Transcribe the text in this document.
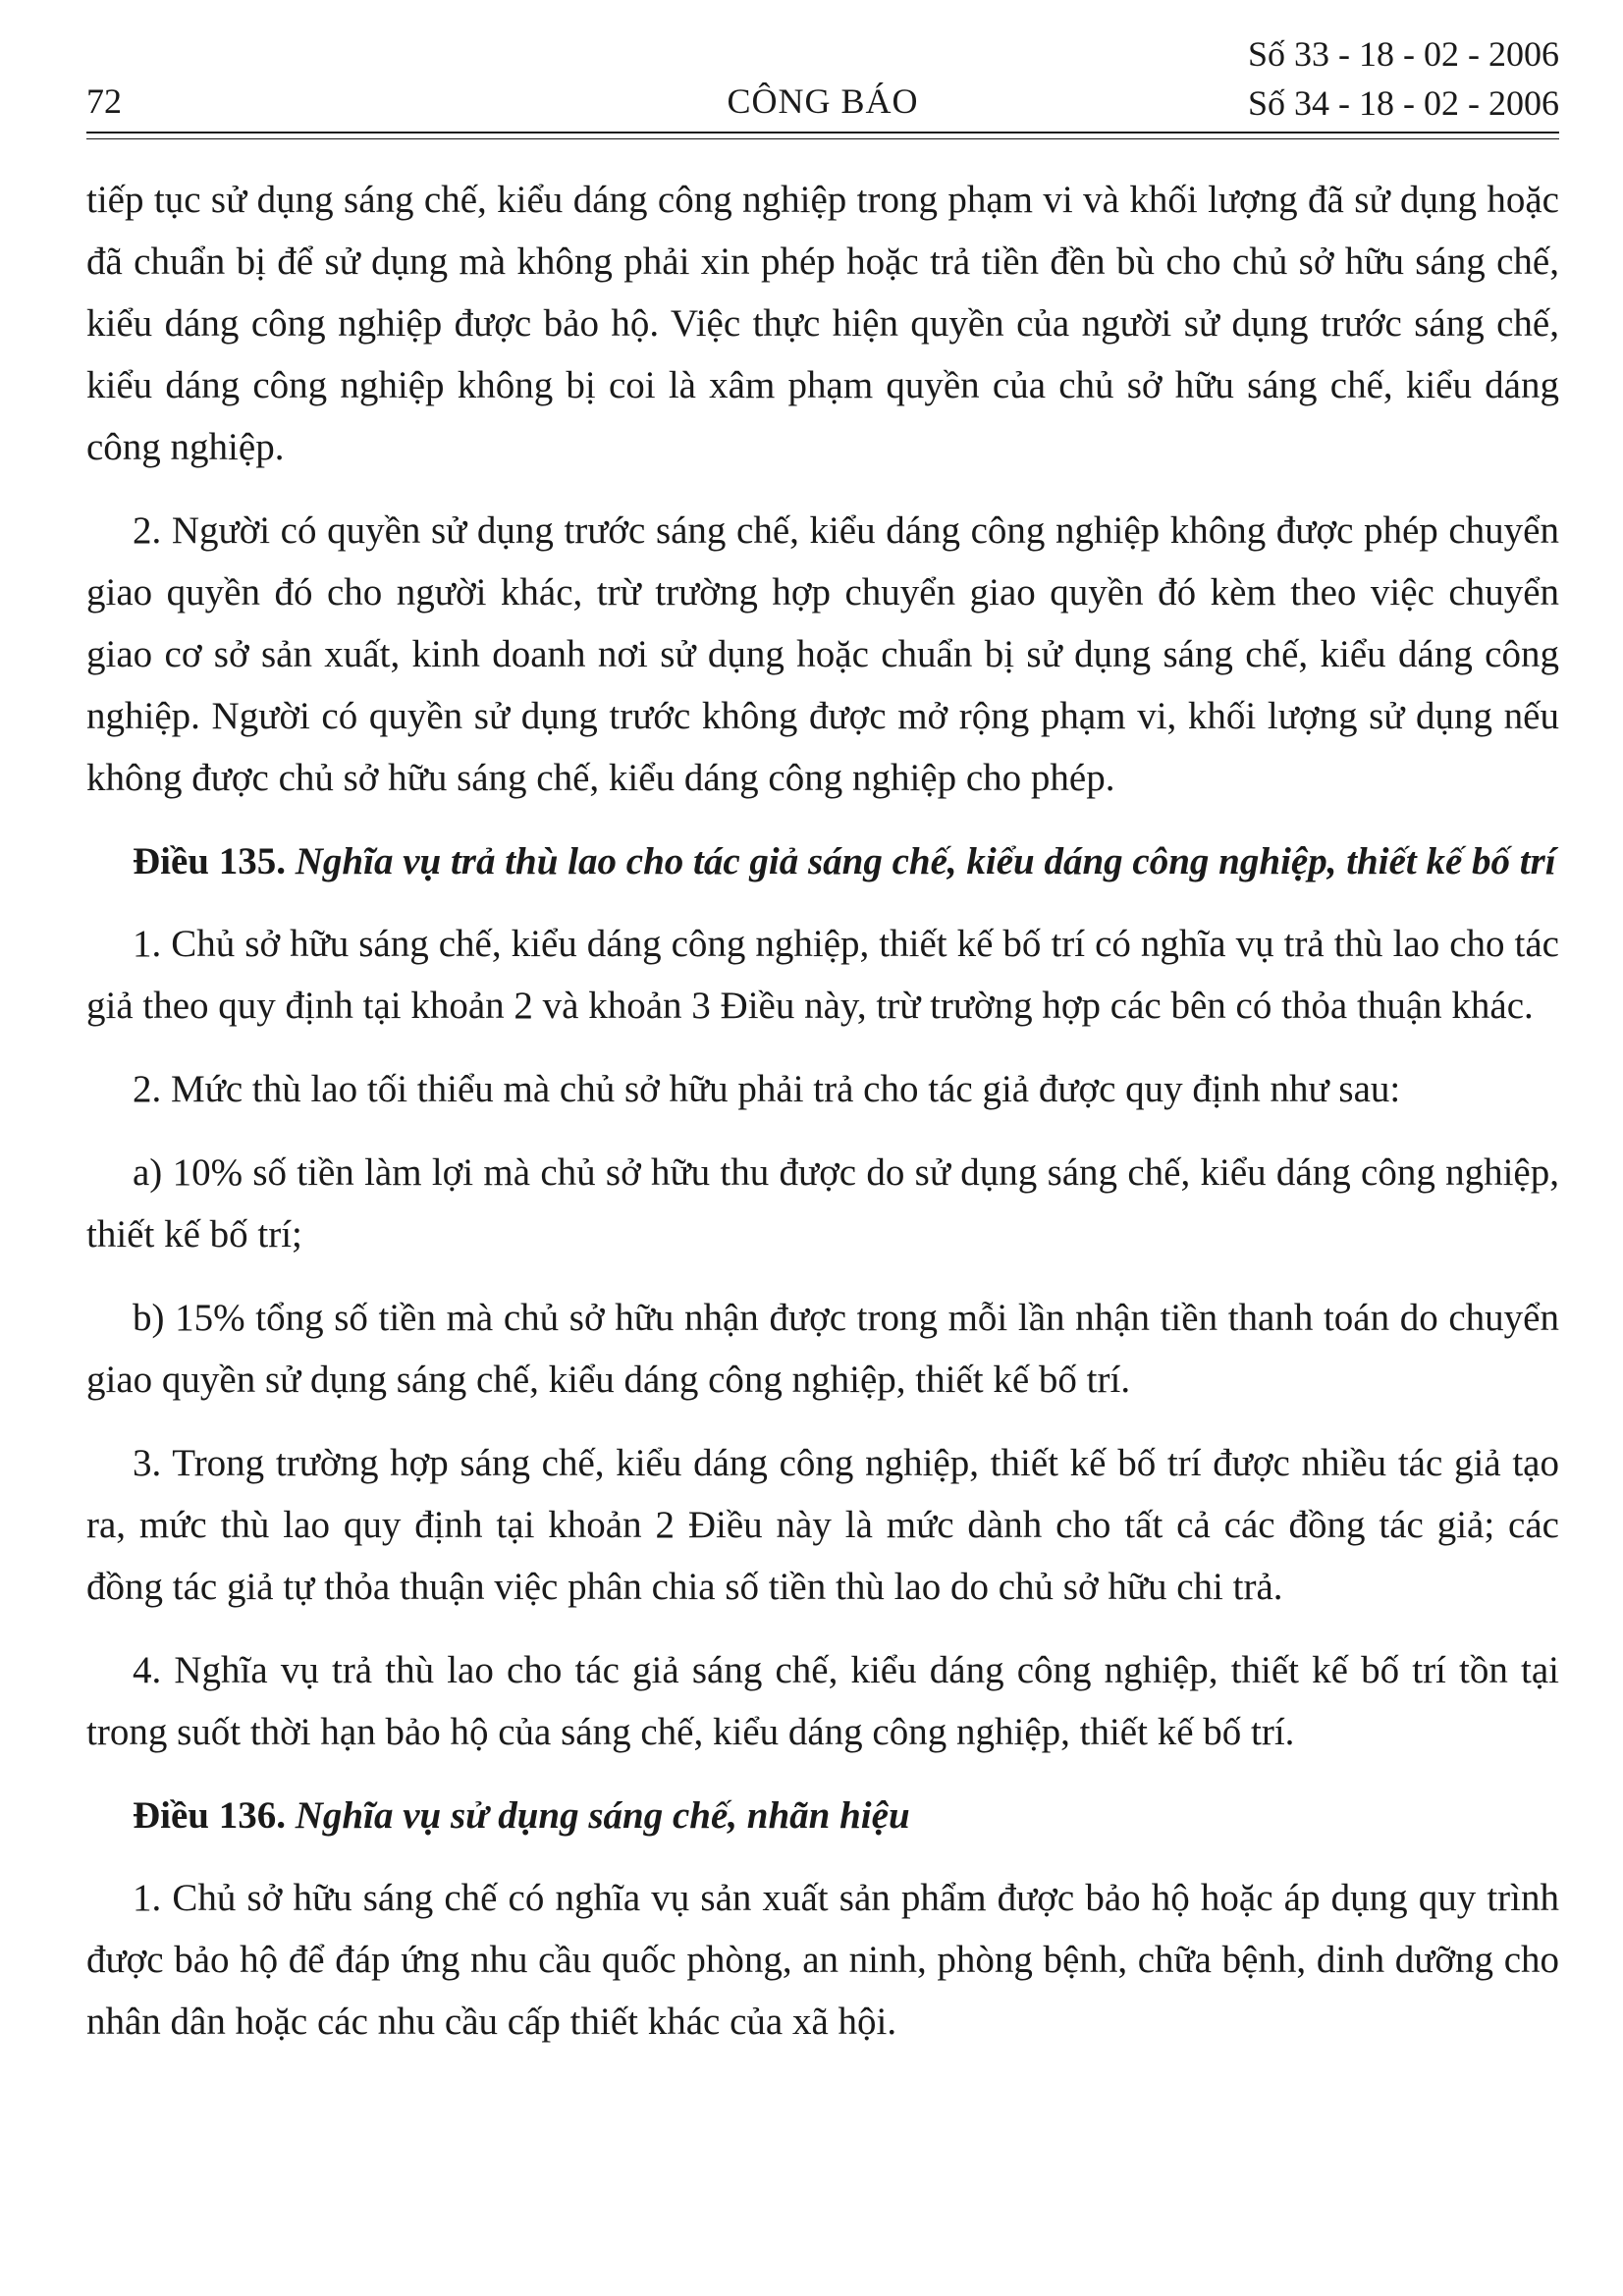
72	CÔNG BÁO
Số 33 - 18 - 02 - 2006
Số 34 - 18 - 02 - 2006

tiếp tục sử dụng sáng chế, kiểu dáng công nghiệp trong phạm vi và khối lượng đã sử dụng hoặc đã chuẩn bị để sử dụng mà không phải xin phép hoặc trả tiền đền bù cho chủ sở hữu sáng chế, kiểu dáng công nghiệp được bảo hộ. Việc thực hiện quyền của người sử dụng trước sáng chế, kiểu dáng công nghiệp không bị coi là xâm phạm quyền của chủ sở hữu sáng chế, kiểu dáng công nghiệp.

2. Người có quyền sử dụng trước sáng chế, kiểu dáng công nghiệp không được phép chuyển giao quyền đó cho người khác, trừ trường hợp chuyển giao quyền đó kèm theo việc chuyển giao cơ sở sản xuất, kinh doanh nơi sử dụng hoặc chuẩn bị sử dụng sáng chế, kiểu dáng công nghiệp. Người có quyền sử dụng trước không được mở rộng phạm vi, khối lượng sử dụng nếu không được chủ sở hữu sáng chế, kiểu dáng công nghiệp cho phép.

Điều 135. Nghĩa vụ trả thù lao cho tác giả sáng chế, kiểu dáng công nghiệp, thiết kế bố trí

1. Chủ sở hữu sáng chế, kiểu dáng công nghiệp, thiết kế bố trí có nghĩa vụ trả thù lao cho tác giả theo quy định tại khoản 2 và khoản 3 Điều này, trừ trường hợp các bên có thỏa thuận khác.

2. Mức thù lao tối thiểu mà chủ sở hữu phải trả cho tác giả được quy định như sau:

a) 10% số tiền làm lợi mà chủ sở hữu thu được do sử dụng sáng chế, kiểu dáng công nghiệp, thiết kế bố trí;

b) 15% tổng số tiền mà chủ sở hữu nhận được trong mỗi lần nhận tiền thanh toán do chuyển giao quyền sử dụng sáng chế, kiểu dáng công nghiệp, thiết kế bố trí.

3. Trong trường hợp sáng chế, kiểu dáng công nghiệp, thiết kế bố trí được nhiều tác giả tạo ra, mức thù lao quy định tại khoản 2 Điều này là mức dành cho tất cả các đồng tác giả; các đồng tác giả tự thỏa thuận việc phân chia số tiền thù lao do chủ sở hữu chi trả.

4. Nghĩa vụ trả thù lao cho tác giả sáng chế, kiểu dáng công nghiệp, thiết kế bố trí tồn tại trong suốt thời hạn bảo hộ của sáng chế, kiểu dáng công nghiệp, thiết kế bố trí.

Điều 136. Nghĩa vụ sử dụng sáng chế, nhãn hiệu

1. Chủ sở hữu sáng chế có nghĩa vụ sản xuất sản phẩm được bảo hộ hoặc áp dụng quy trình được bảo hộ để đáp ứng nhu cầu quốc phòng, an ninh, phòng bệnh, chữa bệnh, dinh dưỡng cho nhân dân hoặc các nhu cầu cấp thiết khác của xã hội.
